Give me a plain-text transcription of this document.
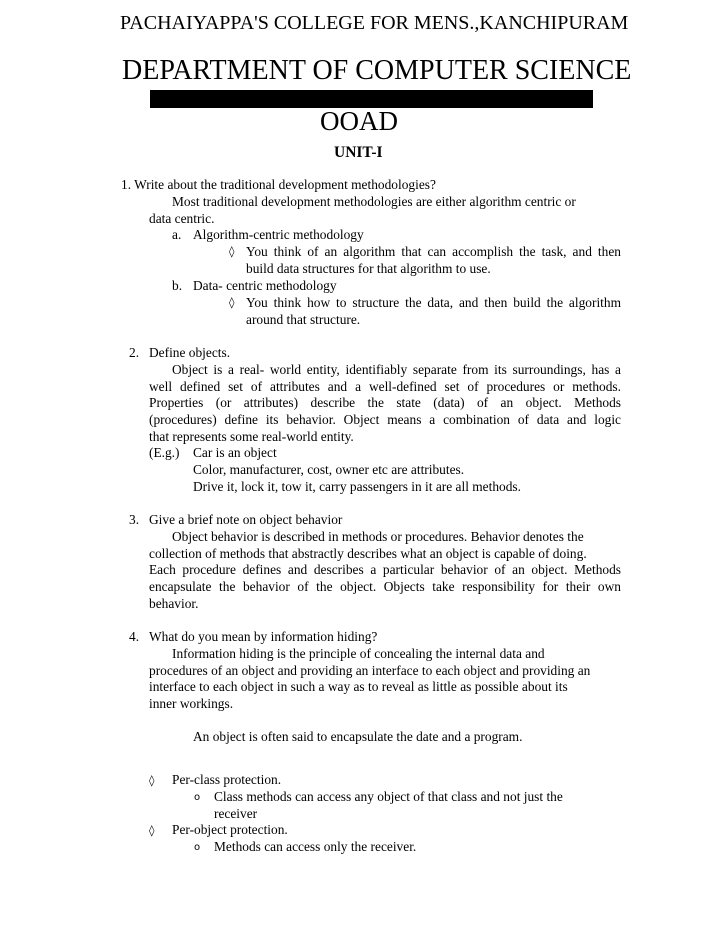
PACHAIYAPPA'S COLLEGE FOR MENS.,KANCHIPURAM
DEPARTMENT OF COMPUTER SCIENCE
OOAD
UNIT-I
1. Write about the traditional development methodologies?
Most traditional development methodologies are either algorithm centric or
data centric.
a. Algorithm-centric methodology
◊ You think of an algorithm that can accomplish the task, and then
build data structures for that algorithm to use.
b. Data- centric methodology
◊ You think how to structure the data, and then build the algorithm
around that structure.
2. Define objects.
Object is a real- world entity, identifiably separate from its surroundings, has a
well defined set of attributes and a well-defined set of procedures or methods.
Properties (or attributes) describe the state (data) of an object. Methods
(procedures) define its behavior. Object means a combination of data and logic
that represents some real-world entity.
(E.g.) Car is an object
Color, manufacturer, cost, owner etc are attributes.
Drive it, lock it, tow it, carry passengers in it are all methods.
3. Give a brief note on object behavior
Object behavior is described in methods or procedures. Behavior denotes the
collection of methods that abstractly describes what an object is capable of doing.
Each procedure defines and describes a particular behavior of an object. Methods
encapsulate the behavior of the object. Objects take responsibility for their own
behavior.
4. What do you mean by information hiding?
Information hiding is the principle of concealing the internal data and
procedures of an object and providing an interface to each object and providing an
interface to each object in such a way as to reveal as little as possible about its
inner workings.
An object is often said to encapsulate the date and a program.
◊ Per-class protection.
o Class methods can access any object of that class and not just the
receiver
◊ Per-object protection.
o Methods can access only the receiver.
